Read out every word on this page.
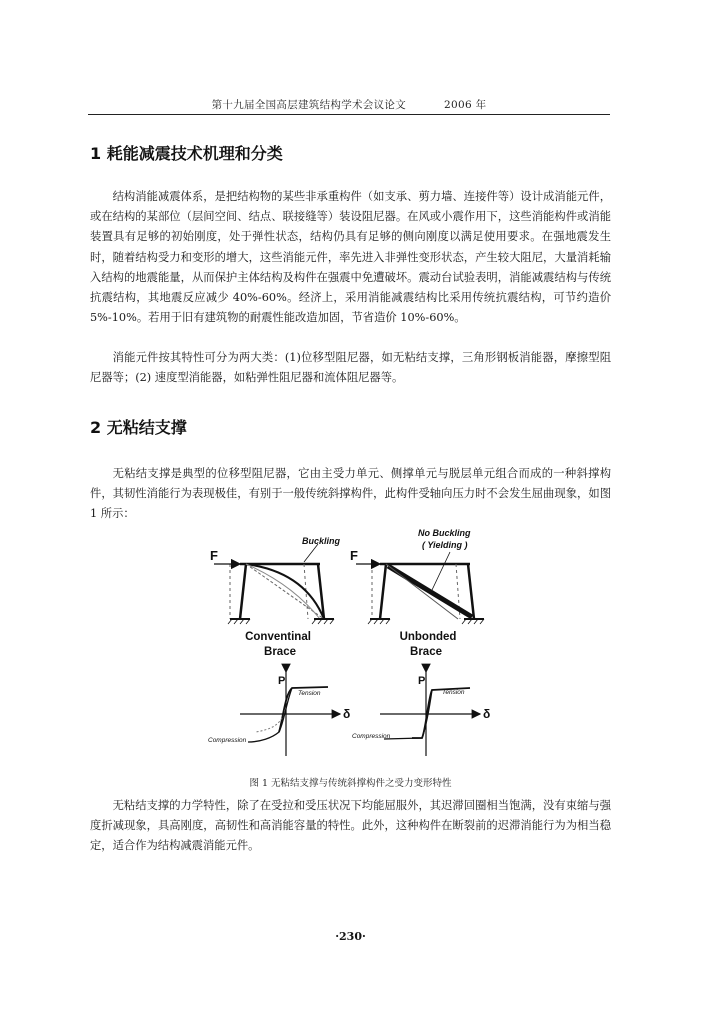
第十九届全国高层建筑结构学术会议论文	2006 年
1 耗能减震技术机理和分类

结构消能减震体系，是把结构物的某些非承重构件（如支承、剪力墙、连接件等）设计成消能元件，或在结构的某部位（层间空间、结点、联接缝等）装设阻尼器。在风或小震作用下，这些消能构件或消能装置具有足够的初始刚度，处于弹性状态，结构仍具有足够的侧向刚度以满足使用要求。在强地震发生时，随着结构受力和变形的增大，这些消能元件，率先进入非弹性变形状态，产生较大阻尼，大量消耗输入结构的地震能量，从而保护主体结构及构件在强震中免遭破坏。震动台试验表明，消能减震结构与传统抗震结构，其地震反应减少 40%-60%。经济上，采用消能减震结构比采用传统抗震结构，可节约造价 5%-10%。若用于旧有建筑物的耐震性能改造加固，节省造价 10%-60%。

消能元件按其特性可分为两大类：(1)位移型阻尼器，如无粘结支撑，三角形钢板消能器，摩擦型阻尼器等；(2) 速度型消能器，如粘弹性阻尼器和流体阻尼器等。

2 无粘结支撑

无粘结支撑是典型的位移型阻尼器，它由主受力单元、侧撑单元与脱层单元组合而成的一种斜撑构件，其韧性消能行为表现极佳，有别于一般传统斜撑构件，此构件受轴向压力时不会发生屈曲现象，如图 1 所示：

F
Buckling
Conventinal
Brace
P
δ
Tension
Compression
F
No Buckling
( Yielding )
Unbonded
Brace
P
δ
Tension
Compression
图 1 无粘结支撑与传统斜撑构件之受力变形特性

无粘结支撑的力学特性，除了在受拉和受压状况下均能屈服外，其迟滞回圈相当饱满，没有束缩与强度折减现象，具高刚度，高韧性和高消能容量的特性。此外，这种构件在断裂前的迟滞消能行为为相当稳定，适合作为结构减震消能元件。

·230·
